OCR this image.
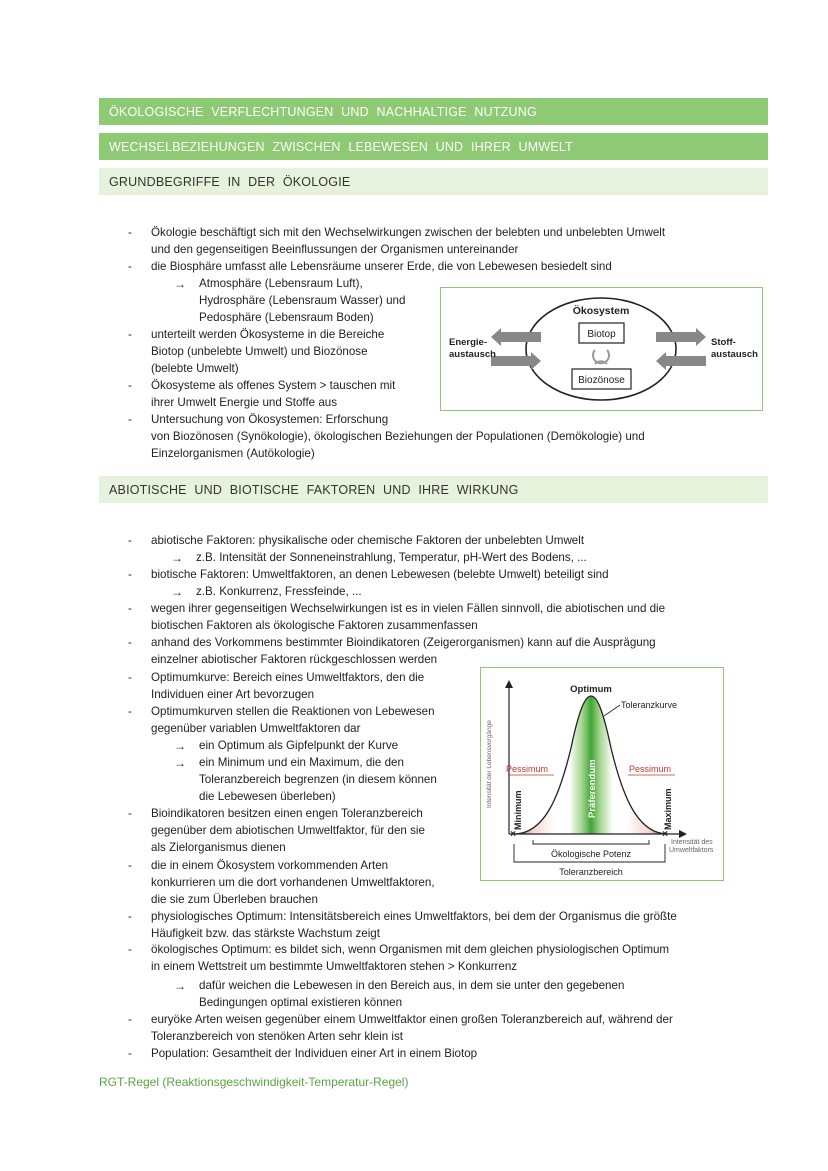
ÖKOLOGISCHE VERFLECHTUNGEN UND NACHHALTIGE NUTZUNG
WECHSELBEZIEHUNGEN ZWISCHEN LEBEWESEN UND IHRER UMWELT
GRUNDBEGRIFFE IN DER ÖKOLOGIE
- Ökologie beschäftigt sich mit den Wechselwirkungen zwischen der belebten und unbelebten Umwelt
und den gegenseitigen Beeinflussungen der Organismen untereinander
- die Biosphäre umfasst alle Lebensräume unserer Erde, die von Lebewesen besiedelt sind
→ Atmosphäre (Lebensraum Luft),
Hydrosphäre (Lebensraum Wasser) und
Pedosphäre (Lebensraum Boden)
- unterteilt werden Ökosysteme in die Bereiche
Biotop (unbelebte Umwelt) und Biozönose
(belebte Umwelt)
- Ökosysteme als offenes System > tauschen mit
ihrer Umwelt Energie und Stoffe aus
- Untersuchung von Ökosystemen: Erforschung
von Biozönosen (Synökologie), ökologischen Beziehungen der Populationen (Demökologie) und
Einzelorganismen (Autökologie)
Ökosystem
Biotop
Biozönose
Energie-
austausch
Stoff-
austausch
ABIOTISCHE UND BIOTISCHE FAKTOREN UND IHRE WIRKUNG
- abiotische Faktoren: physikalische oder chemische Faktoren der unbelebten Umwelt
→ z.B. Intensität der Sonneneinstrahlung, Temperatur, pH-Wert des Bodens, ...
- biotische Faktoren: Umweltfaktoren, an denen Lebewesen (belebte Umwelt) beteiligt sind
→ z.B. Konkurrenz, Fressfeinde, ...
- wegen ihrer gegenseitigen Wechselwirkungen ist es in vielen Fällen sinnvoll, die abiotischen und die
biotischen Faktoren als ökologische Faktoren zusammenfassen
- anhand des Vorkommens bestimmter Bioindikatoren (Zeigerorganismen) kann auf die Ausprägung
einzelner abiotischer Faktoren rückgeschlossen werden
- Optimumkurve: Bereich eines Umweltfaktors, den die
Individuen einer Art bevorzugen
- Optimumkurven stellen die Reaktionen von Lebewesen
gegenüber variablen Umweltfaktoren dar
→ ein Optimum als Gipfelpunkt der Kurve
→ ein Minimum und ein Maximum, die den
Toleranzbereich begrenzen (in diesem können
die Lebewesen überleben)
- Bioindikatoren besitzen einen engen Toleranzbereich
gegenüber dem abiotischen Umweltfaktor, für den sie
als Zielorganismus dienen
- die in einem Ökosystem vorkommenden Arten
konkurrieren um die dort vorhandenen Umweltfaktoren,
die sie zum Überleben brauchen
- physiologisches Optimum: Intensitätsbereich eines Umweltfaktors, bei dem der Organismus die größte
Häufigkeit bzw. das stärkste Wachstum zeigt
- ökologisches Optimum: es bildet sich, wenn Organismen mit dem gleichen physiologischen Optimum
in einem Wettstreit um bestimmte Umweltfaktoren stehen > Konkurrenz
→ dafür weichen die Lebewesen in den Bereich aus, in dem sie unter den gegebenen
Bedingungen optimal existieren können
- euryöke Arten weisen gegenüber einem Umweltfaktor einen großen Toleranzbereich auf, während der
Toleranzbereich von stenöken Arten sehr klein ist
- Population: Gesamtheit der Individuen einer Art in einem Biotop
×	×
Optimum
Toleranzkurve
Pessimum	Pessimum
Minimum	Maximum
Präferendum
Intensität der Lebensvorgänge
Intensität des
Umweltfaktors
Ökologische Potenz
Toleranzbereich
RGT-Regel (Reaktionsgeschwindigkeit-Temperatur-Regel)
